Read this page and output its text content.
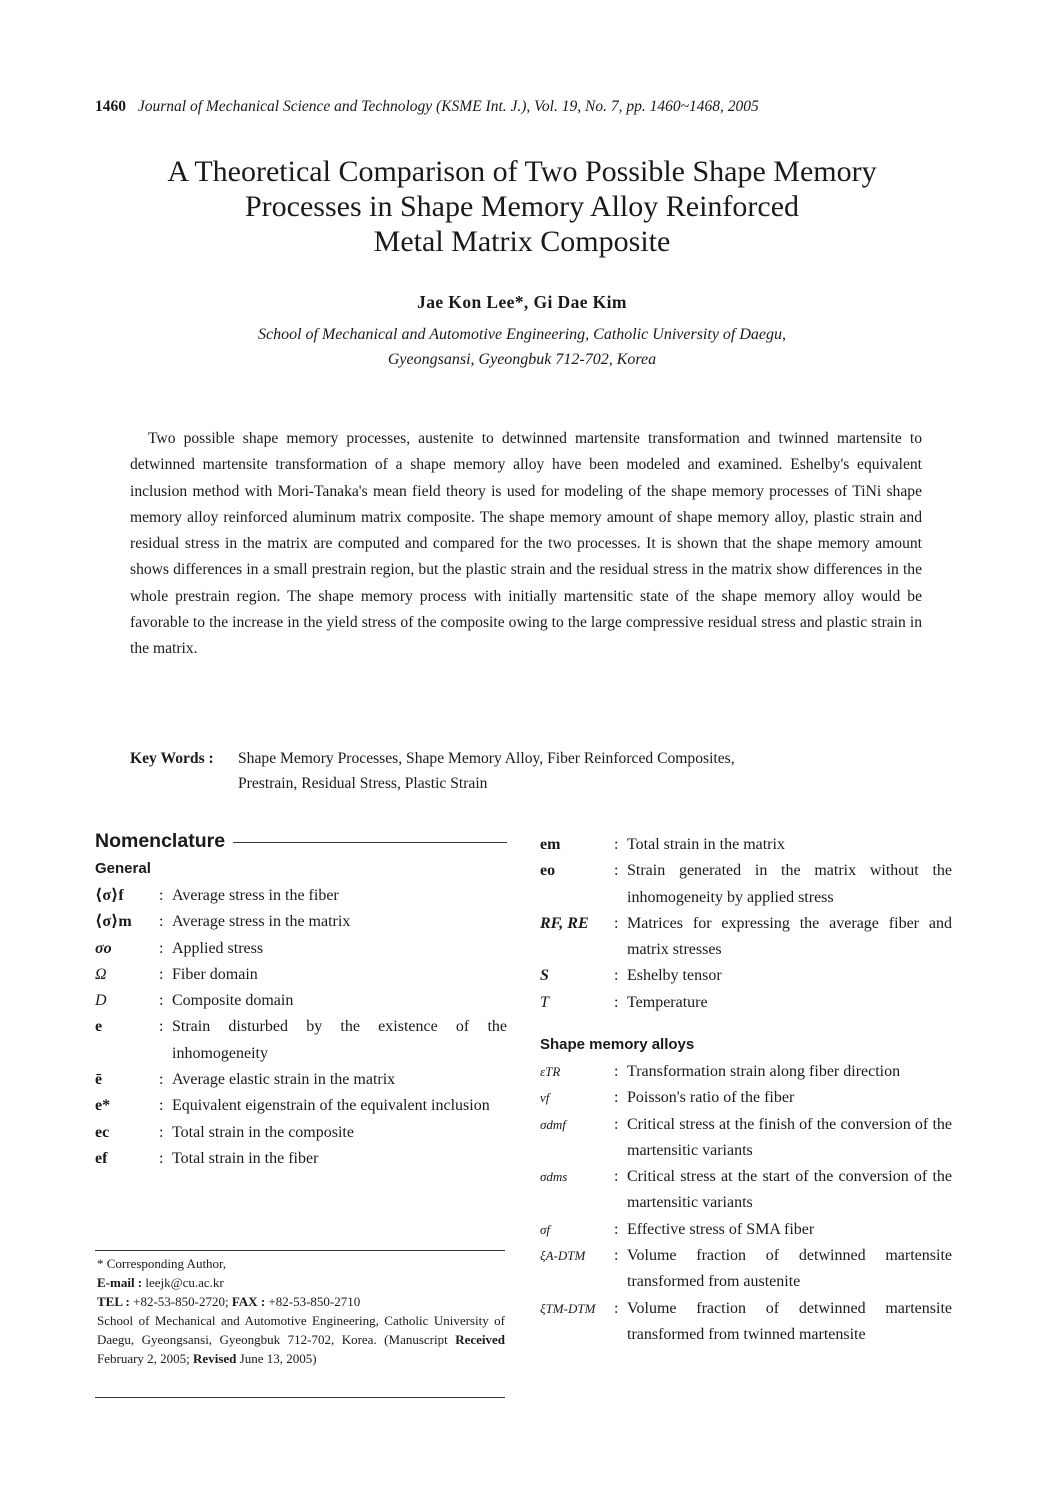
1460 Journal of Mechanical Science and Technology (KSME Int. J.), Vol. 19, No. 7, pp. 1460~1468, 2005
A Theoretical Comparison of Two Possible Shape Memory
Processes in Shape Memory Alloy Reinforced
Metal Matrix Composite
Jae Kon Lee*, Gi Dae Kim
School of Mechanical and Automotive Engineering, Catholic University of Daegu,
Gyeongsansi, Gyeongbuk 712-702, Korea

Two possible shape memory processes, austenite to detwinned martensite transformation and twinned martensite to detwinned martensite transformation of a shape memory alloy have been modeled and examined. Eshelby's equivalent inclusion method with Mori-Tanaka's mean field theory is used for modeling of the shape memory processes of TiNi shape memory alloy reinforced aluminum matrix composite. The shape memory amount of shape memory alloy, plastic strain and residual stress in the matrix are computed and compared for the two processes. It is shown that the shape memory amount shows differences in a small prestrain region, but the plastic strain and the residual stress in the matrix show differences in the whole prestrain region. The shape memory process with initially martensitic state of the shape memory alloy would be favorable to the increase in the yield stress of the composite owing to the large compressive residual stress and plastic strain in the matrix.

Key Words :	Shape Memory Processes, Shape Memory Alloy, Fiber Reinforced Composites,
Prestrain, Residual Stress, Plastic Strain
Nomenclature
General
⟨σ⟩f	: Average stress in the fiber
⟨σ⟩m	: Average stress in the matrix
σo	: Applied stress
Ω	: Fiber domain
D	: Composite domain
e	: Strain disturbed by the existence of the inhomogeneity
ē	: Average elastic strain in the matrix
e*	: Equivalent eigenstrain of the equivalent inclusion
ec	: Total strain in the composite
ef	: Total strain in the fiber
em	: Total strain in the matrix
eo	: Strain generated in the matrix without the inhomogeneity by applied stress
RF, RE	: Matrices for expressing the average fiber and matrix stresses
S	: Eshelby tensor
T	: Temperature
Shape memory alloys
εTR	: Transformation strain along fiber direction
νf	: Poisson's ratio of the fiber
σdmf	: Critical stress at the finish of the conversion of the martensitic variants
σdms	: Critical stress at the start of the conversion of the martensitic variants
σf	: Effective stress of SMA fiber
ξA-DTM	: Volume fraction of detwinned martensite transformed from austenite
ξTM-DTM	: Volume fraction of detwinned martensite transformed from twinned martensite

* Corresponding Author,

E-mail : leejk@cu.ac.kr

TEL : +82-53-850-2720; FAX : +82-53-850-2710

School of Mechanical and Automotive Engineering, Catholic University of Daegu, Gyeongsansi, Gyeongbuk 712-702, Korea. (Manuscript Received February 2, 2005; Revised June 13, 2005)
